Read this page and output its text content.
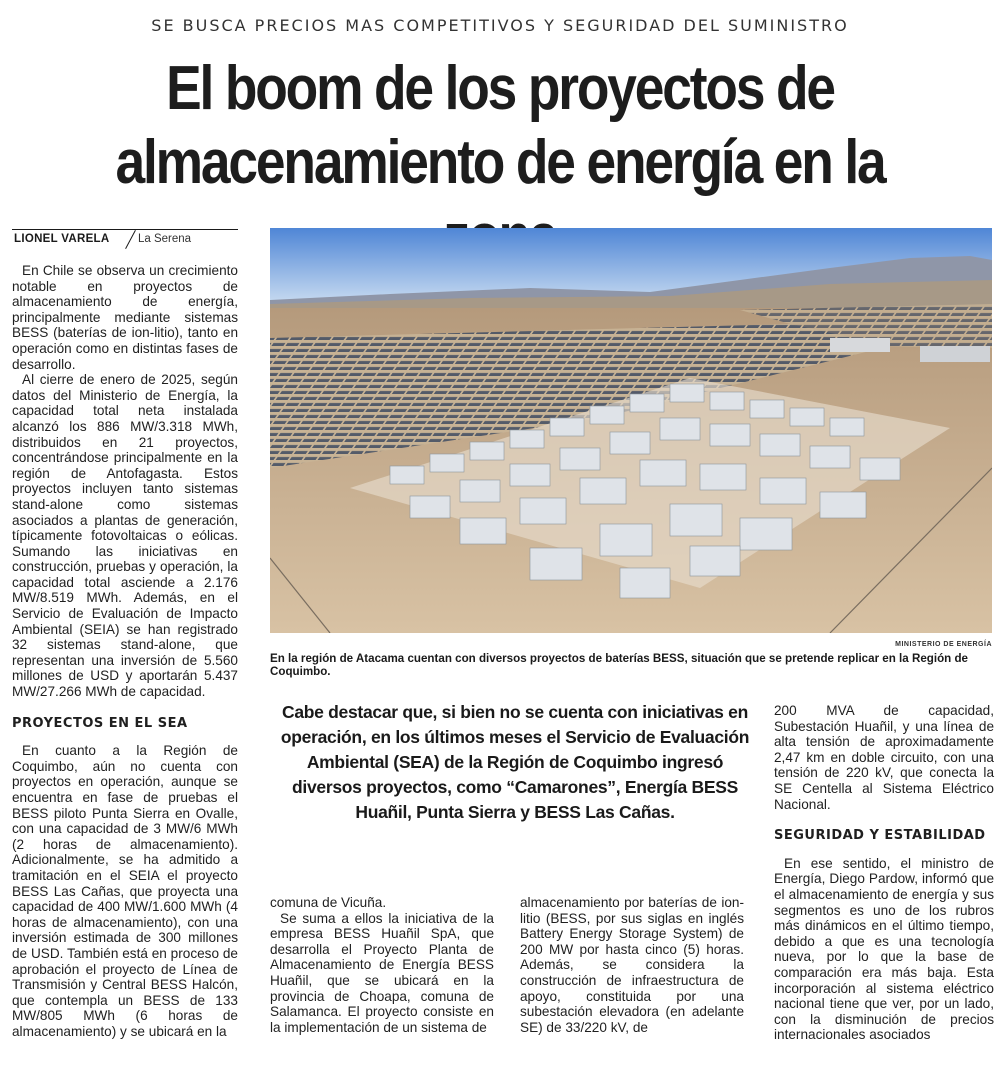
SE BUSCA PRECIOS MAS COMPETITIVOS Y SEGURIDAD DEL SUMINISTRO
El boom de los proyectos de
almacenamiento de energía en la
LIONEL VARELA La Serena

En Chile se observa un crecimiento notable en proyectos de almacenamiento de energía, principalmente mediante sistemas BESS (baterías de ion-litio), tanto en operación como en distintas fases de desarrollo.

Al cierre de enero de 2025, según datos del Ministerio de Energía, la capacidad total neta instalada alcanzó los 886 MW/3.318 MWh, distribuidos en 21 proyectos, concentrándose principalmente en la región de Antofagasta. Estos proyectos incluyen tanto sistemas stand-alone como sistemas asociados a plantas de generación, típicamente fotovoltaicas o eólicas. Sumando las iniciativas en construcción, pruebas y operación, la capacidad total asciende a 2.176 MW/8.519 MWh. Además, en el Servicio de Evaluación de Impacto Ambiental (SEIA) se han registrado 32 sistemas stand-alone, que representan una inversión de 5.560 millones de USD y aportarán 5.437 MW/27.266 MWh de capacidad.

PROYECTOS EN EL SEA

En cuanto a la Región de Coquimbo, aún no cuenta con proyectos en operación, aunque se encuentra en fase de pruebas el BESS piloto Punta Sierra en Ovalle, con una capacidad de 3 MW/6 MWh (2 horas de almacenamiento). Adicionalmente, se ha admitido a tramitación en el SEIA el proyecto BESS Las Cañas, que proyecta una capacidad de 400 MW/1.600 MWh (4 horas de almacenamiento), con una inversión estimada de 300 millones de USD. También está en proceso de aprobación el proyecto de Línea de Transmisión y Central BESS Halcón, que contempla un BESS de 133 MW/805 MWh (6 horas de almacenamiento) y se ubicará en la

MINISTERIO DE ENERGÍA
En la región de Atacama cuentan con diversos proyectos de baterías BESS, situación que se pretende replicar en la Región de Coquimbo.
Cabe destacar que, si bien no se cuenta con iniciativas en operación, en los últimos meses el Servicio de Evaluación Ambiental (SEA) de la Región de Coquimbo ingresó diversos proyectos, como “Camarones”, Energía BESS Huañil, Punta Sierra y BESS Las Cañas.

comuna de Vicuña.

Se suma a ellos la iniciativa de la empresa BESS Huañil SpA, que desarrolla el Proyecto Planta de Almacenamiento de Energía BESS Huañil, que se ubicará en la provincia de Choapa, comuna de Salamanca. El proyecto consiste en la implementación de un sistema de

almacenamiento por baterías de ion-litio (BESS, por sus siglas en inglés Battery Energy Storage System) de 200 MW por hasta cinco (5) horas. Además, se considera la construcción de infraestructura de apoyo, constituida por una subestación elevadora (en adelante SE) de 33/220 kV, de

200 MVA de capacidad, Subestación Huañil, y una línea de alta tensión de aproximadamente 2,47 km en doble circuito, con una tensión de 220 kV, que conecta la SE Centella al Sistema Eléctrico Nacional.

SEGURIDAD Y ESTABILIDAD

En ese sentido, el ministro de Energía, Diego Pardow, informó que el almacenamiento de energía y sus segmentos es uno de los rubros más dinámicos en el último tiempo, debido a que es una tecnología nueva, por lo que la base de comparación era más baja. Esta incorporación al sistema eléctrico nacional tiene que ver, por un lado, con la disminución de precios internacionales asociados
